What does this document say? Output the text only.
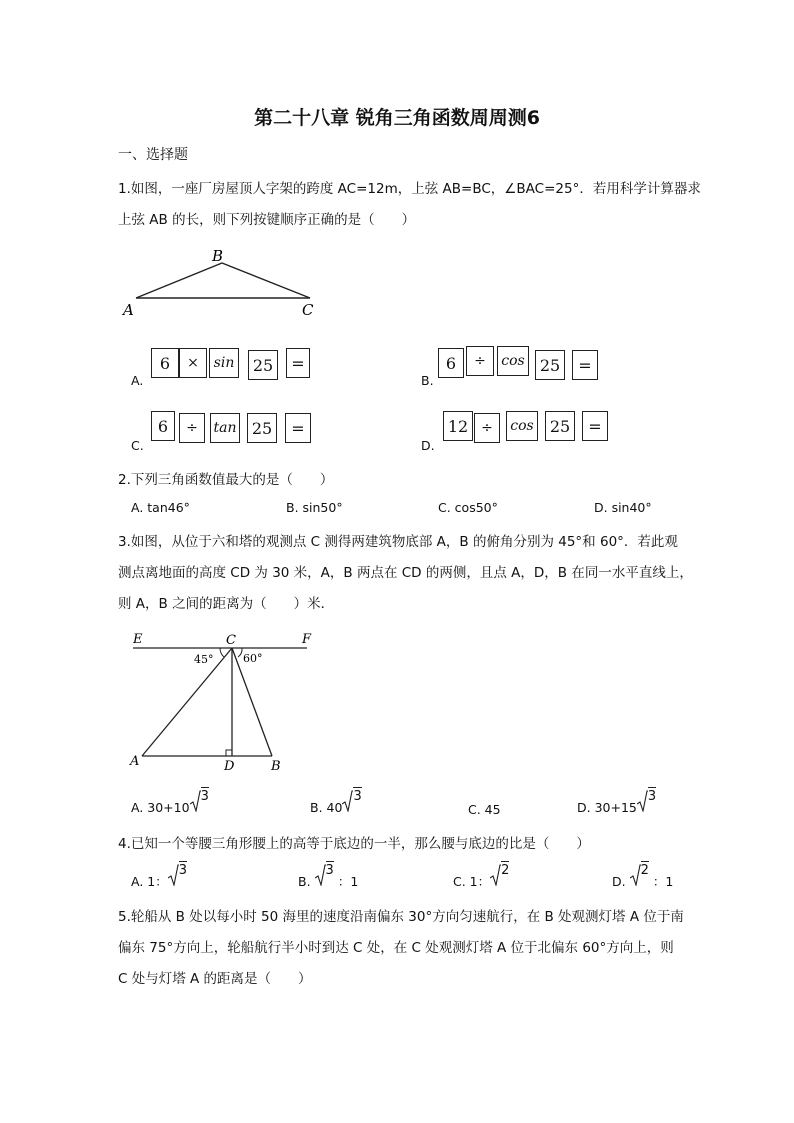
第二十八章 锐角三角函数周周测6
一、选择题
1.如图，一座厂房屋顶人字架的跨度 AC=12m，上弦 AB=BC，∠BAC=25°．若用科学计算器求
上弦 AB 的长，则下列按键顺序正确的是（　　）
B
A	C
A.
6	×	sin	25	=
B.
6	÷	cos 25	=
C.
6	÷	tan 25	=
D.
12 ÷	cos	25	=
2.下列三角函数值最大的是（　　）
A. tan46°	B. sin50°	C. cos50°	D. sin40°
3.如图，从位于六和塔的观测点 C 测得两建筑物底部 A，B 的俯角分别为 45°和 60°．若此观
测点离地面的高度 CD 为 30 米，A，B 两点在 CD 的两侧，且点 A，D，B 在同一水平直线上，
则 A，B 之间的距离为（　　）米．
E	C	F
45°	60°
A	D	B
A. 30+10
3
B. 40
3
C. 45	D. 30+15
3
4.已知一个等腰三角形腰上的高等于底边的一半，那么腰与底边的比是（　　）
A. 1：
3
B.
3
：1	C. 1：
2
D.
2
：1
5.轮船从 B 处以每小时 50 海里的速度沿南偏东 30°方向匀速航行，在 B 处观测灯塔 A 位于南
偏东 75°方向上，轮船航行半小时到达 C 处，在 C 处观测灯塔 A 位于北偏东 60°方向上，则
C 处与灯塔 A 的距离是（　　）
